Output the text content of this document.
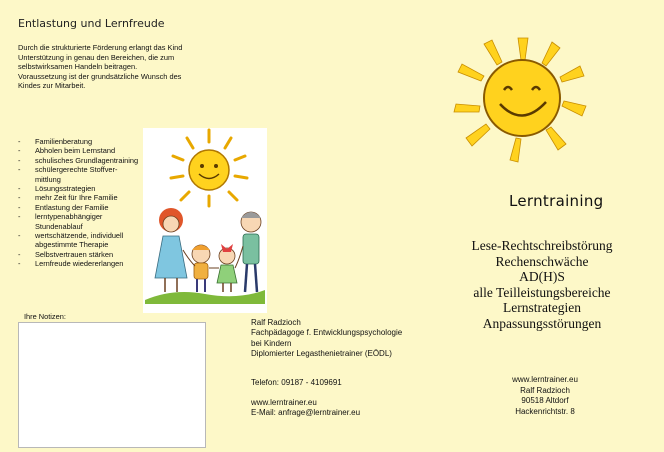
Entlastung und Lernfreude
Durch die strukturierte Förderung erlangt das Kind
Unterstützung in genau den Bereichen, die zum
selbstwirksamen Handeln beitragen.
Voraussetzung ist der grundsätzliche Wunsch des
Kindes zur Mitarbeit.
- Familienberatung
- Abholen beim Lernstand
- schulisches Grundlagentraining
- schülergerechte Stoffver-
mittlung
- Lösungsstrategien
- mehr Zeit für Ihre Familie
- Entlastung der Familie
- lerntypenabhängiger
Stundenablauf
- wertschätzende, individuell
abgestimmte Therapie
- Selbstvertrauen stärken
- Lernfreude wiedererlangen
Ihre Notizen:
Ralf Radzioch
Fachpädagoge f. Entwicklungspsychologie
bei Kindern
Diplomierter Legasthenietrainer (EÖDL)
Telefon: 09187 - 4109691
www.lerntrainer.eu
E-Mail: anfrage@lerntrainer.eu
Lerntraining
Lese-Rechtschreibstörung
Rechenschwäche
AD(H)S
alle Teilleistungsbereiche
Lernstrategien
Anpassungsstörungen
www.lerntrainer.eu
Ralf Radzioch
90518 Altdorf
Hackenrichtstr. 8
